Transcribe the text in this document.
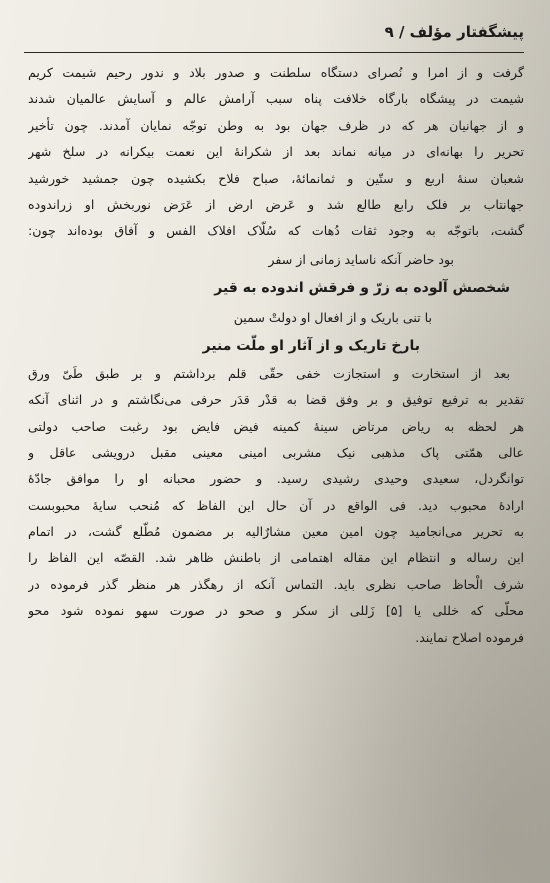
پیشگفتار مؤلف / ۹
گرفت و از امرا و نُصرای دستگاه سلطنت و صدور بلاد و ندور رحیم شیمت کریم
شیمت در پیشگاه بارگاه خلافت پناه سبب آرامش عالم و آسایش عالمیان شدند
و از جهانیان هر که در ظرف جهان بود به وطن توجّه نمایان آمدند. چون تأخیر
تحریر را بهانه‌ای در میانه نماند بعد از شکرانهٔ این نعمت بیکرانه در سلخ شهر
شعبان سنهٔ اربع و ستّین و ثمانمائهٔ، صباح فلاح بکشیده چون جمشید خورشید
جهانتاب بر فلک رابع طالع شد و عَرض ارض از عَرَض نوربخش او زراندوده
گشت، باتوجّه به وجود ثقات دُهات که سُلّاک افلاک الفس و آفاق بوده‌اند چون:
بود حاضر آنکه ناساید زمانی از سفر
شخصش آلوده به زرّ و فرقش اندوده به قیر
با تنی باریک و از افعال او دولتْ سمین
بارخ تاریک و از آثار او ملّت منیر
بعد از استخارت و استجازت خفی حقّی قلم برداشتم و بر طبق طَیّ ورق
تقدیر به ترفیع توفیق و بر وفق قضا به قدْر قدَر حرفی می‌نگاشتم و در اثنای آنکه
هر لحظه به ریاض مرتاض سینهٔ کمینه فیض فایض بود رغبت صاحب دولتی
عالی همّتی پاک مذهبی نیک مشربی امینی معینی مقبل درویشی عاقل و
توانگردل، سعیدی وحیدی رشیدی رسید. و حضور محبانه او را موافق جادّهٔ
ارادهٔ محبوب دید. فی الواقع در آن حال این الفاظ که مُنحب سایهٔ محبوبست
به تحریر می‌انجامید چون امین معین مشارٌالیه بر مضمون مُطّلع گشت، در اتمام
این رساله و انتظام این مقاله اهتمامی از باطنش ظاهر شد. القصّه این الفاظ را
شرف الْحاظ صاحب نظری باید. التماس آنکه از رهگذر هر منظر گذر فرموده در
محلّی که خللی یا [۵] زَللی از سکر و صحو در صورت سهو نموده شود محو
فرموده اصلاح نمایند.
